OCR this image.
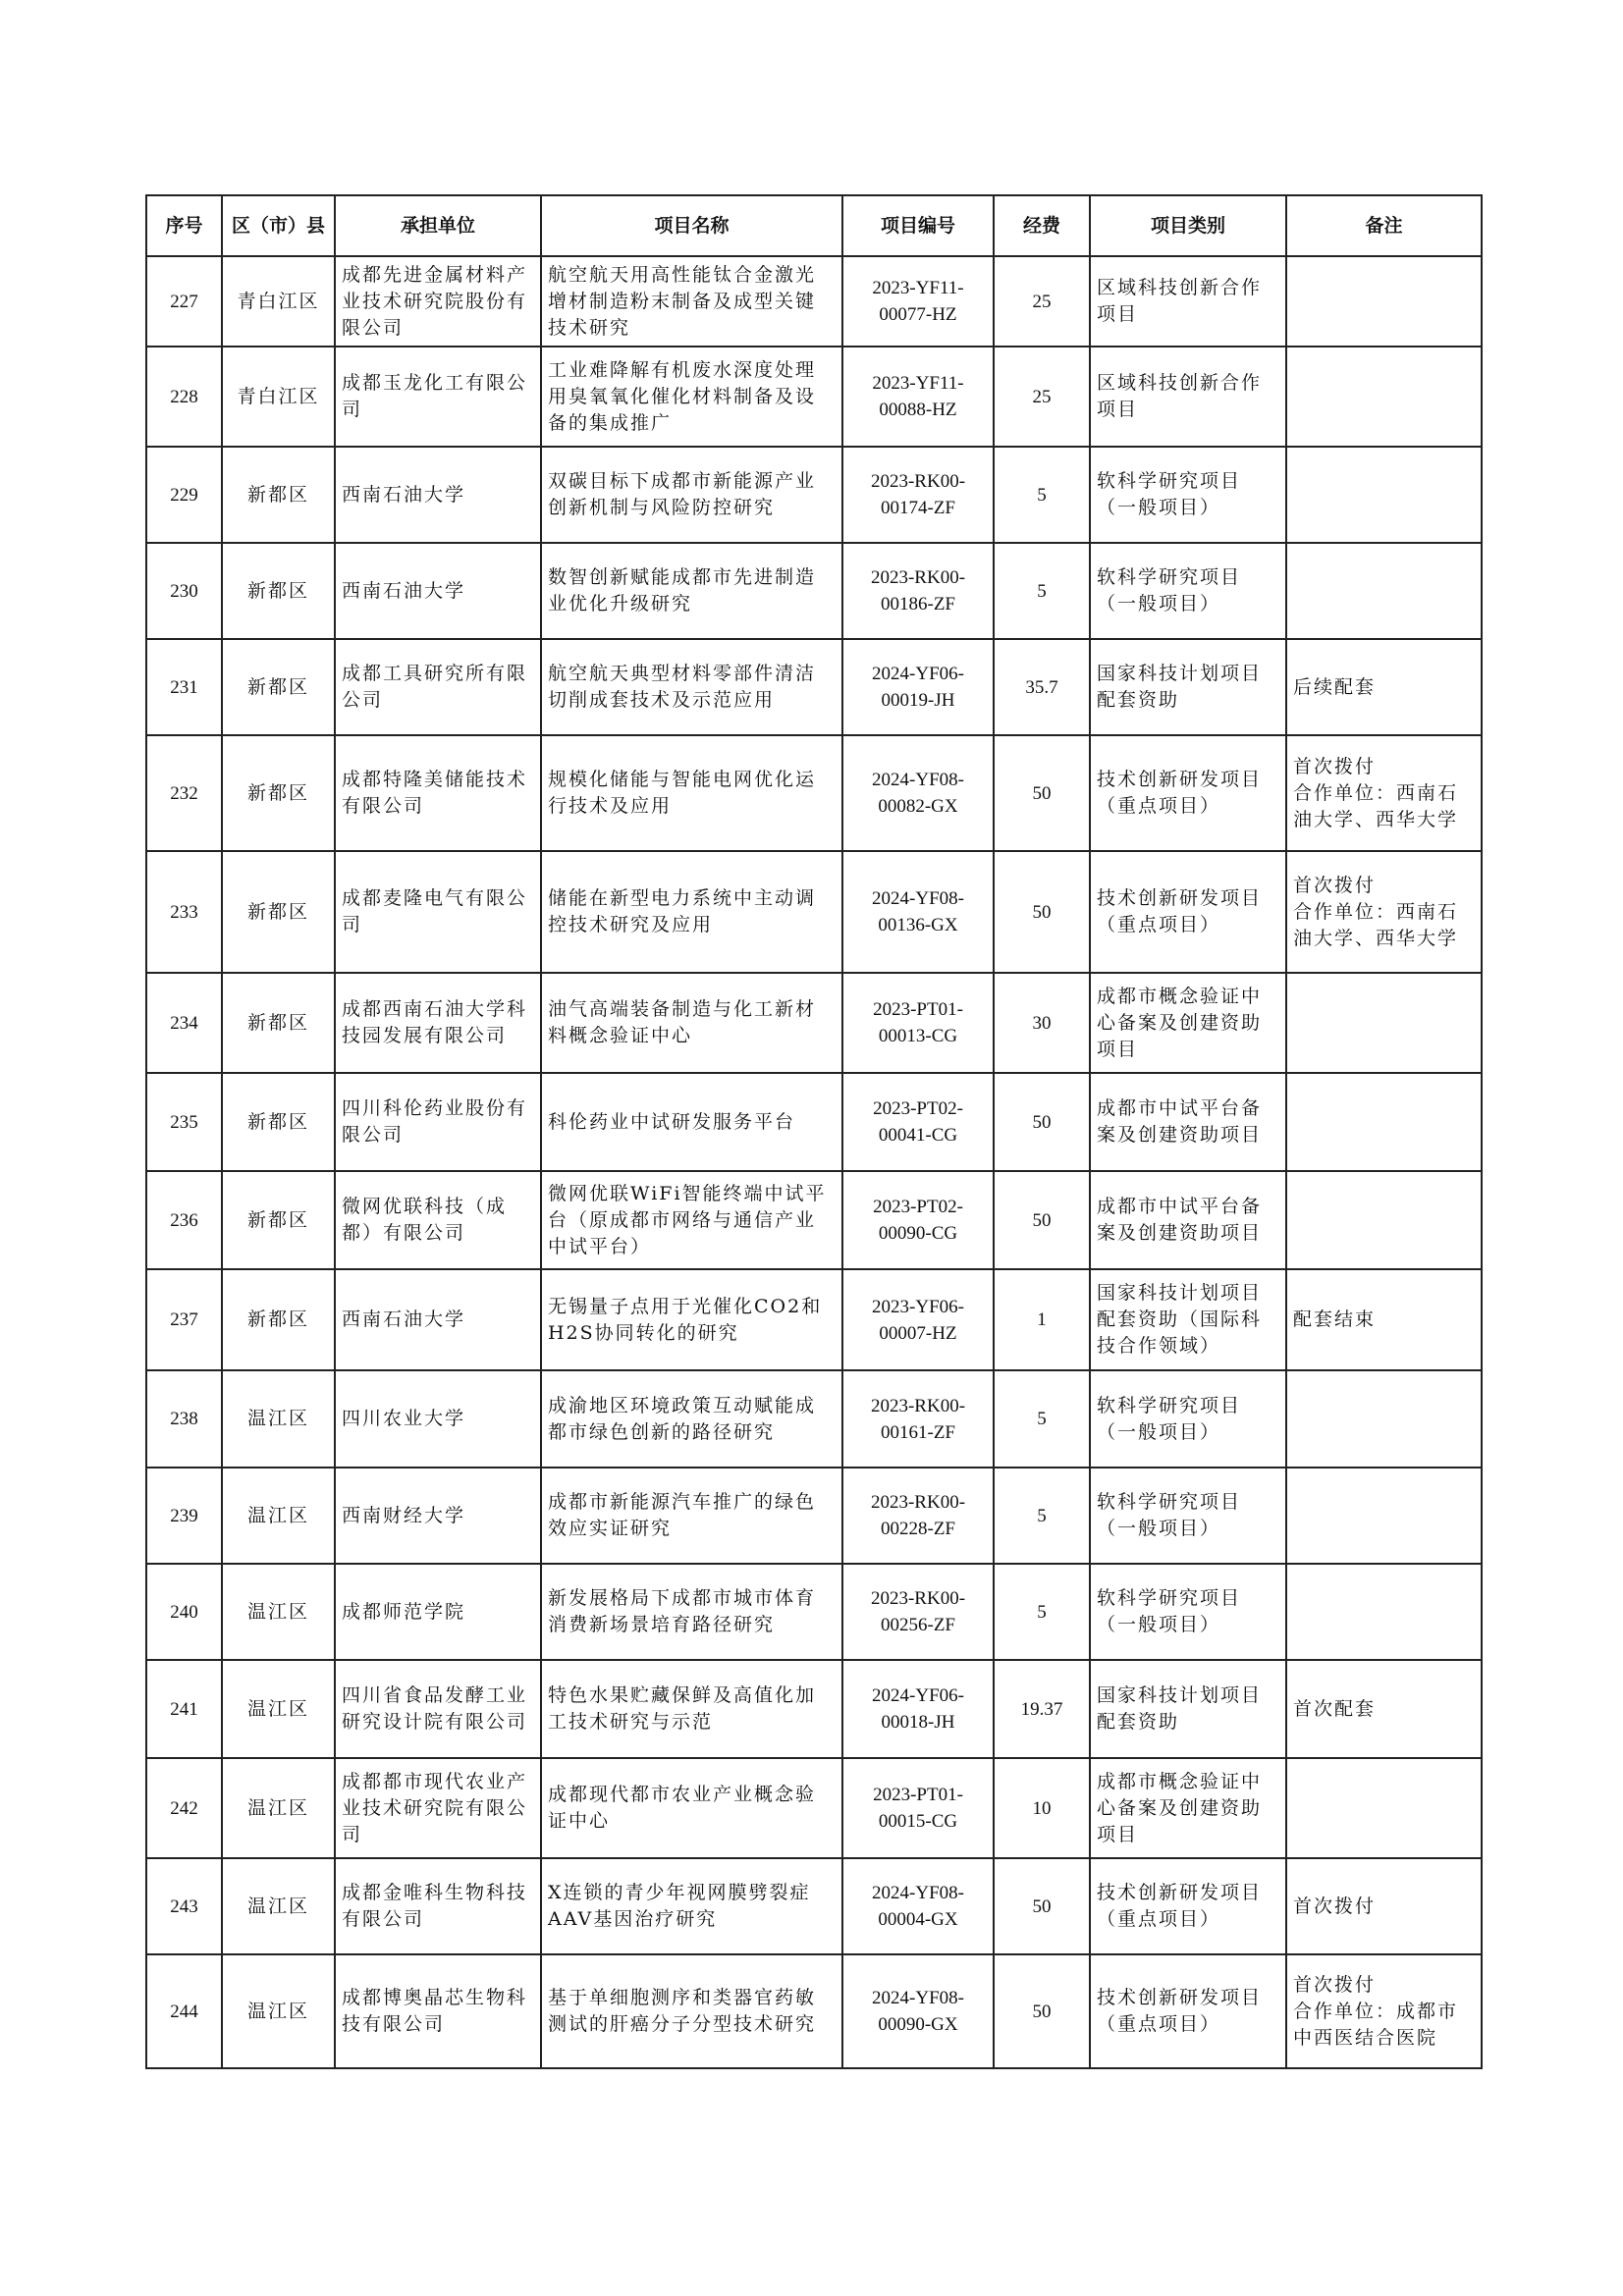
序号	区（市）县	承担单位	项目名称	项目编号	经费	项目类别	备注
227	青白江区	成都先进金属材料产业技术研究院股份有限公司	航空航天用高性能钛合金激光增材制造粉末制备及成型关键技术研究	2023-YF11-00077-HZ	25	区域科技创新合作项目	
228	青白江区	成都玉龙化工有限公司	工业难降解有机废水深度处理用臭氧氧化催化材料制备及设备的集成推广	2023-YF11-00088-HZ	25	区域科技创新合作项目	
229	新都区	西南石油大学	双碳目标下成都市新能源产业创新机制与风险防控研究	2023-RK00-00174-ZF	5	软科学研究项目（一般项目）	
230	新都区	西南石油大学	数智创新赋能成都市先进制造业优化升级研究	2023-RK00-00186-ZF	5	软科学研究项目（一般项目）	
231	新都区	成都工具研究所有限公司	航空航天典型材料零部件清洁切削成套技术及示范应用	2024-YF06-00019-JH	35.7	国家科技计划项目配套资助	后续配套
232	新都区	成都特隆美储能技术有限公司	规模化储能与智能电网优化运行技术及应用	2024-YF08-00082-GX	50	技术创新研发项目（重点项目）	首次拨付
合作单位：西南石油大学、西华大学
233	新都区	成都麦隆电气有限公司	储能在新型电力系统中主动调控技术研究及应用	2024-YF08-00136-GX	50	技术创新研发项目（重点项目）	首次拨付
合作单位：西南石油大学、西华大学
234	新都区	成都西南石油大学科技园发展有限公司	油气高端装备制造与化工新材料概念验证中心	2023-PT01-00013-CG	30	成都市概念验证中心备案及创建资助项目	
235	新都区	四川科伦药业股份有限公司	科伦药业中试研发服务平台	2023-PT02-00041-CG	50	成都市中试平台备案及创建资助项目	
236	新都区	微网优联科技（成都）有限公司	微网优联WiFi智能终端中试平台（原成都市网络与通信产业中试平台）	2023-PT02-00090-CG	50	成都市中试平台备案及创建资助项目	
237	新都区	西南石油大学	无锡量子点用于光催化CO2和H2S协同转化的研究	2023-YF06-00007-HZ	1	国家科技计划项目配套资助（国际科技合作领域）	配套结束
238	温江区	四川农业大学	成渝地区环境政策互动赋能成都市绿色创新的路径研究	2023-RK00-00161-ZF	5	软科学研究项目（一般项目）	
239	温江区	西南财经大学	成都市新能源汽车推广的绿色效应实证研究	2023-RK00-00228-ZF	5	软科学研究项目（一般项目）	
240	温江区	成都师范学院	新发展格局下成都市城市体育消费新场景培育路径研究	2023-RK00-00256-ZF	5	软科学研究项目（一般项目）	
241	温江区	四川省食品发酵工业研究设计院有限公司	特色水果贮藏保鲜及高值化加工技术研究与示范	2024-YF06-00018-JH	19.37	国家科技计划项目配套资助	首次配套
242	温江区	成都都市现代农业产业技术研究院有限公司	成都现代都市农业产业概念验证中心	2023-PT01-00015-CG	10	成都市概念验证中心备案及创建资助项目	
243	温江区	成都金唯科生物科技有限公司	X连锁的青少年视网膜劈裂症AAV基因治疗研究	2024-YF08-00004-GX	50	技术创新研发项目（重点项目）	首次拨付
244	温江区	成都博奥晶芯生物科技有限公司	基于单细胞测序和类器官药敏测试的肝癌分子分型技术研究	2024-YF08-00090-GX	50	技术创新研发项目（重点项目）	首次拨付
合作单位：成都市中西医结合医院
